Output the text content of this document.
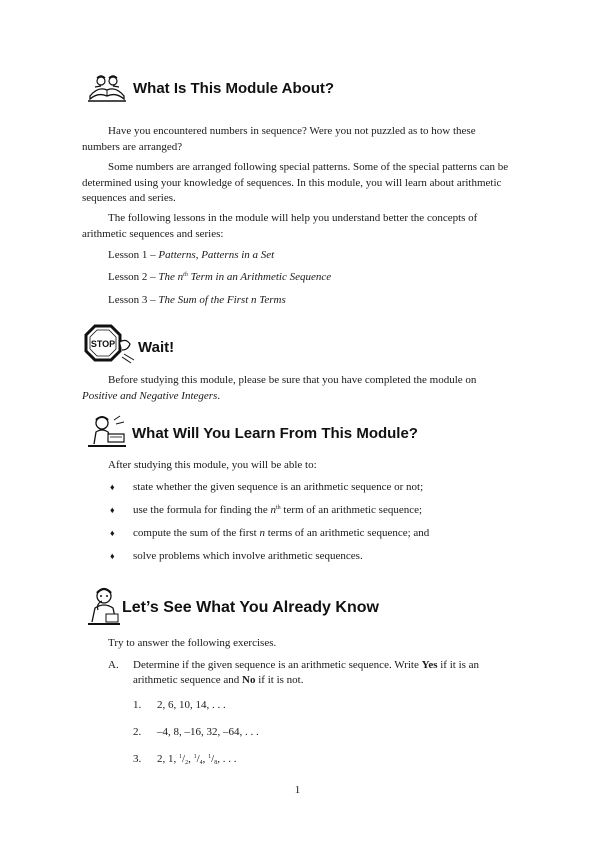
What Is This Module About?
Have you encountered numbers in sequence? Were you not puzzled as to how these numbers are arranged?
Some numbers are arranged following special patterns. Some of the special patterns can be determined using your knowledge of sequences. In this module, you will learn about arithmetic sequences and series.
The following lessons in the module will help you understand better the concepts of arithmetic sequences and series:
Lesson 1 – Patterns, Patterns in a Set
Lesson 2 – The $n^{th}$ Term in an Arithmetic Sequence
Lesson 3 – The Sum of the First n Terms
STOP Wait!
Before studying this module, please be sure that you have completed the module on Positive and Negative Integers.
What Will You Learn From This Module?
After studying this module, you will be able to:
♦ state whether the given sequence is an arithmetic sequence or not;
♦ use the formula for finding the $n^{th}$ term of an arithmetic sequence;
♦ compute the sum of the first n terms of an arithmetic sequence; and
♦ solve problems which involve arithmetic sequences.
Let’s See What You Already Know
Try to answer the following exercises.
A. Determine if the given sequence is an arithmetic sequence. Write Yes if it is an
arithmetic sequence and No if it is not.
1. 2, 6, 10, 14, . . .
2. –4, 8, –16, 32, –64, . . .
3. 2, 1, $^1/_2$, $^1/_4$, $^1/_8$, . . .
1
